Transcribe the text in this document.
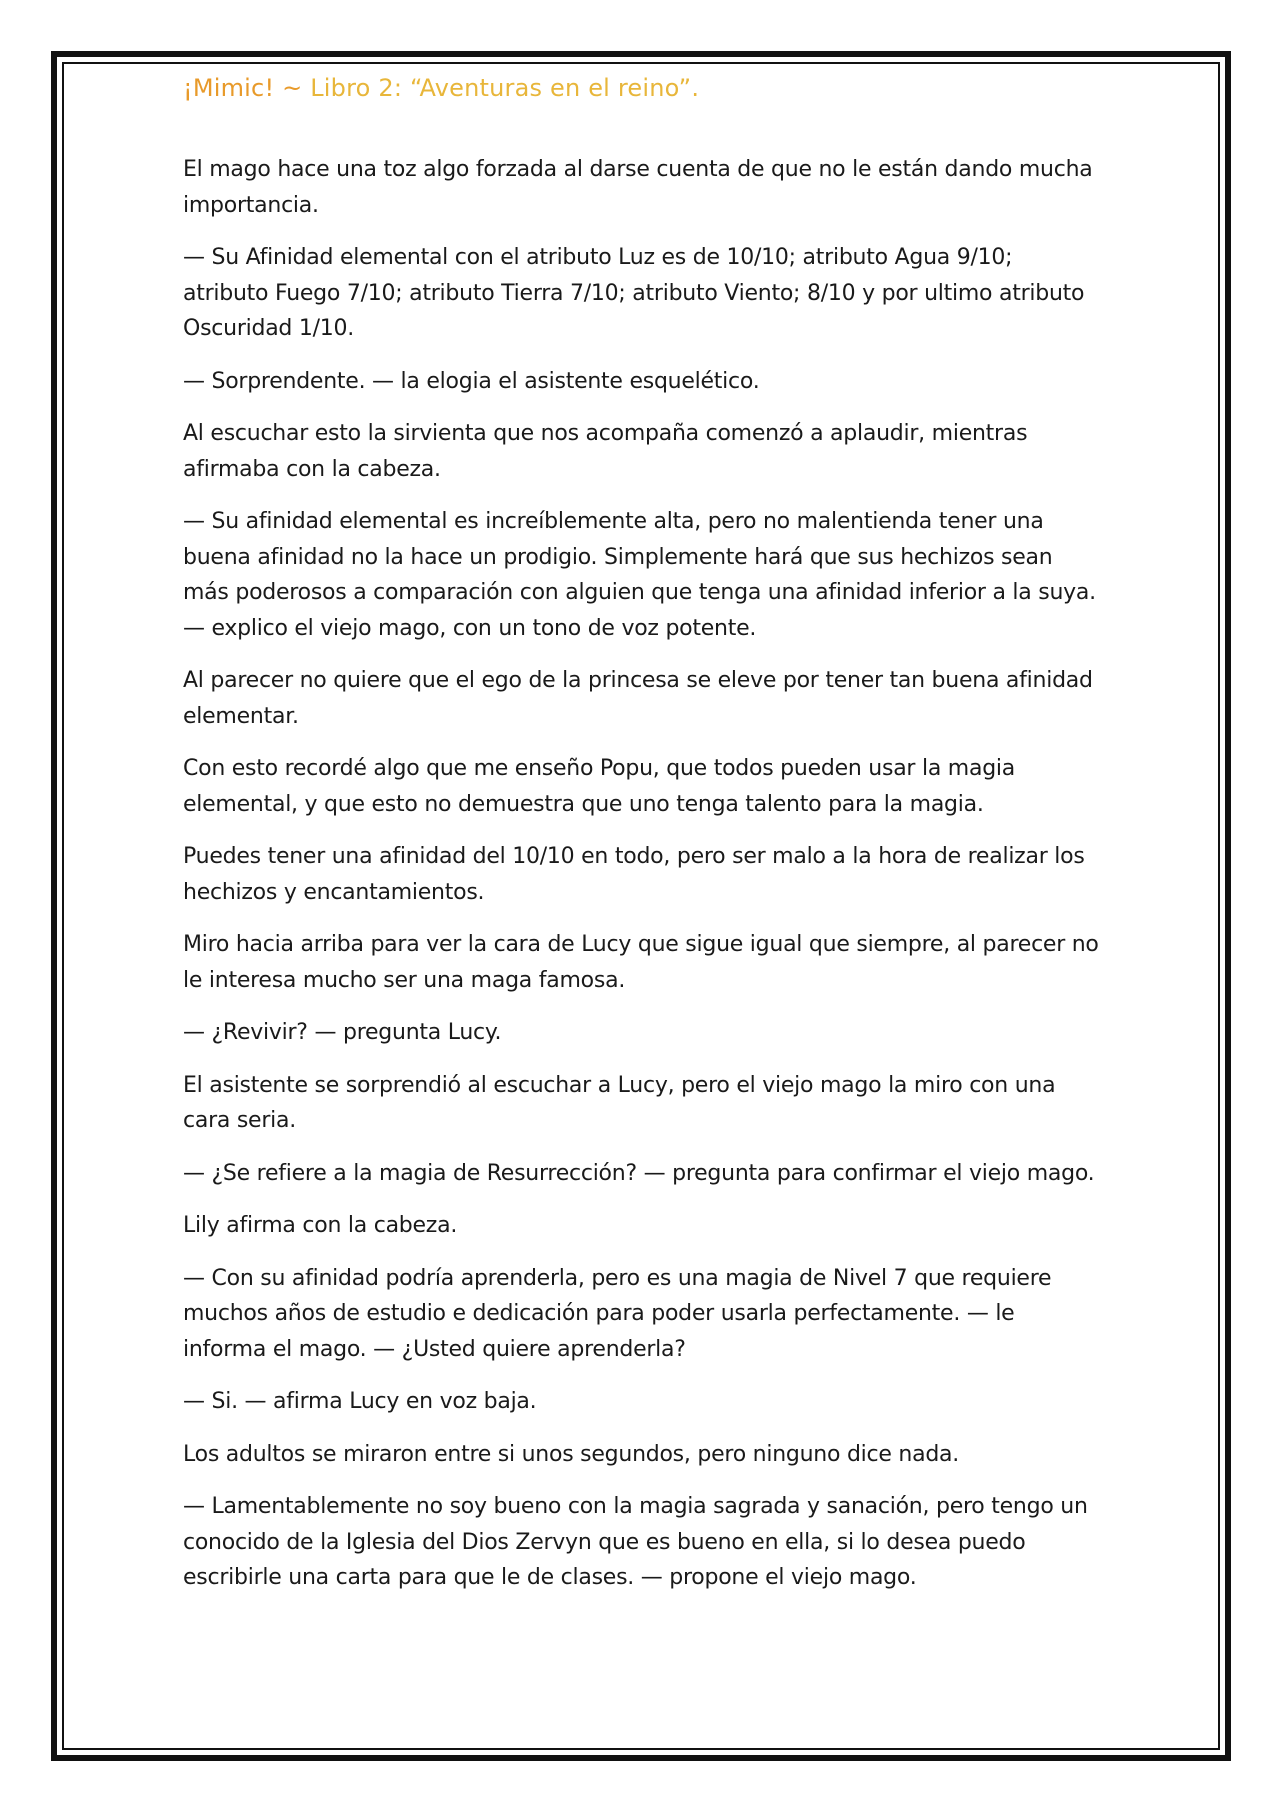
¡Mimic! ~ Libro 2: “Aventuras en el reino”.

El mago hace una toz algo forzada al darse cuenta de que no le están dando mucha importancia.

— Su Afinidad elemental con el atributo Luz es de 10/10; atributo Agua 9/10; atributo Fuego 7/10; atributo Tierra 7/10; atributo Viento; 8/10 y por ultimo atributo Oscuridad 1/10.

— Sorprendente. — la elogia el asistente esquelético.

Al escuchar esto la sirvienta que nos acompaña comenzó a aplaudir, mientras afirmaba con la cabeza.

— Su afinidad elemental es increíblemente alta, pero no malentienda tener una buena afinidad no la hace un prodigio. Simplemente hará que sus hechizos sean más poderosos a comparación con alguien que tenga una afinidad inferior a la suya. — explico el viejo mago, con un tono de voz potente.

Al parecer no quiere que el ego de la princesa se eleve por tener tan buena afinidad elementar.

Con esto recordé algo que me enseño Popu, que todos pueden usar la magia elemental, y que esto no demuestra que uno tenga talento para la magia.

Puedes tener una afinidad del 10/10 en todo, pero ser malo a la hora de realizar los hechizos y encantamientos.

Miro hacia arriba para ver la cara de Lucy que sigue igual que siempre, al parecer no le interesa mucho ser una maga famosa.

— ¿Revivir? — pregunta Lucy.

El asistente se sorprendió al escuchar a Lucy, pero el viejo mago la miro con una cara seria.

— ¿Se refiere a la magia de Resurrección? — pregunta para confirmar el viejo mago.

Lily afirma con la cabeza.

— Con su afinidad podría aprenderla, pero es una magia de Nivel 7 que requiere muchos años de estudio e dedicación para poder usarla perfectamente. — le informa el mago. — ¿Usted quiere aprenderla?

— Si. — afirma Lucy en voz baja.

Los adultos se miraron entre si unos segundos, pero ninguno dice nada.

— Lamentablemente no soy bueno con la magia sagrada y sanación, pero tengo un conocido de la Iglesia del Dios Zervyn que es bueno en ella, si lo desea puedo escribirle una carta para que le de clases. — propone el viejo mago.
